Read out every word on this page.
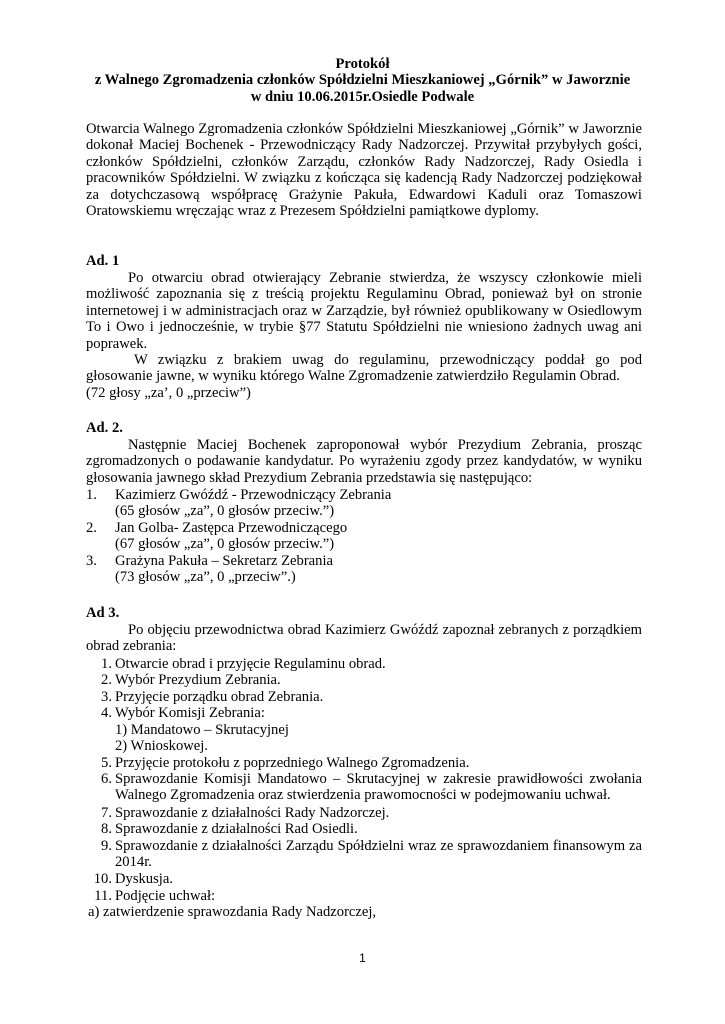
Protokół
z Walnego Zgromadzenia członków Spółdzielni Mieszkaniowej „Górnik” w Jaworznie
w dniu 10.06.2015r.Osiedle Podwale
Otwarcia Walnego Zgromadzenia członków Spółdzielni Mieszkaniowej „Górnik” w Jaworznie dokonał Maciej Bochenek - Przewodniczący Rady Nadzorczej. Przywitał przybyłych gości, członków Spółdzielni, członków Zarządu, członków Rady Nadzorczej, Rady Osiedla i pracowników Spółdzielni. W związku z kończąca się kadencją Rady Nadzorczej podziękował za dotychczasową współpracę Grażynie Pakuła, Edwardowi Kaduli oraz Tomaszowi Oratowskiemu wręczając wraz z Prezesem Spółdzielni pamiątkowe dyplomy.
Ad. 1
Po otwarciu obrad otwierający Zebranie stwierdza, że wszyscy członkowie mieli możliwość zapoznania się z treścią projektu Regulaminu Obrad, ponieważ był on stronie internetowej i w administracjach oraz w Zarządzie, był również opublikowany w Osiedlowym To i Owo i jednocześnie, w trybie §77 Statutu Spółdzielni nie wniesiono żadnych uwag ani poprawek.
W związku z brakiem uwag do regulaminu, przewodniczący poddał go pod głosowanie jawne, w wyniku którego Walne Zgromadzenie zatwierdziło Regulamin Obrad.
(72 głosy „za’, 0 „przeciw”)
Ad. 2.
Następnie Maciej Bochenek zaproponował wybór Prezydium Zebrania, prosząc zgromadzonych o podawanie kandydatur. Po wyrażeniu zgody przez kandydatów, w wyniku głosowania jawnego skład Prezydium Zebrania przedstawia się następująco:
1. Kazimierz Gwóźdź - Przewodniczący Zebrania
(65 głosów „za”, 0 głosów przeciw.”)
2. Jan Golba- Zastępca Przewodniczącego
(67 głosów „za”, 0 głosów przeciw.”)
3. Grażyna Pakuła – Sekretarz Zebrania
(73 głosów „za”, 0 „przeciw”.)
Ad 3.
Po objęciu przewodnictwa obrad Kazimierz Gwóźdź zapoznał zebranych z porządkiem obrad zebrania:
1. Otwarcie obrad i przyjęcie Regulaminu obrad.
2. Wybór Prezydium Zebrania.
3. Przyjęcie porządku obrad Zebrania.
4. Wybór Komisji Zebrania:
1) Mandatowo – Skrutacyjnej
2) Wnioskowej.
5. Przyjęcie protokołu z poprzedniego Walnego Zgromadzenia.
6. Sprawozdanie Komisji Mandatowo – Skrutacyjnej w zakresie prawidłowości zwołania Walnego Zgromadzenia oraz stwierdzenia prawomocności w podejmowaniu uchwał.
7. Sprawozdanie z działalności Rady Nadzorczej.
8. Sprawozdanie z działalności Rad Osiedli.
9. Sprawozdanie z działalności Zarządu Spółdzielni wraz ze sprawozdaniem finansowym za 2014r.
10. Dyskusja.
11. Podjęcie uchwał:
a) zatwierdzenie sprawozdania Rady Nadzorczej,
1
